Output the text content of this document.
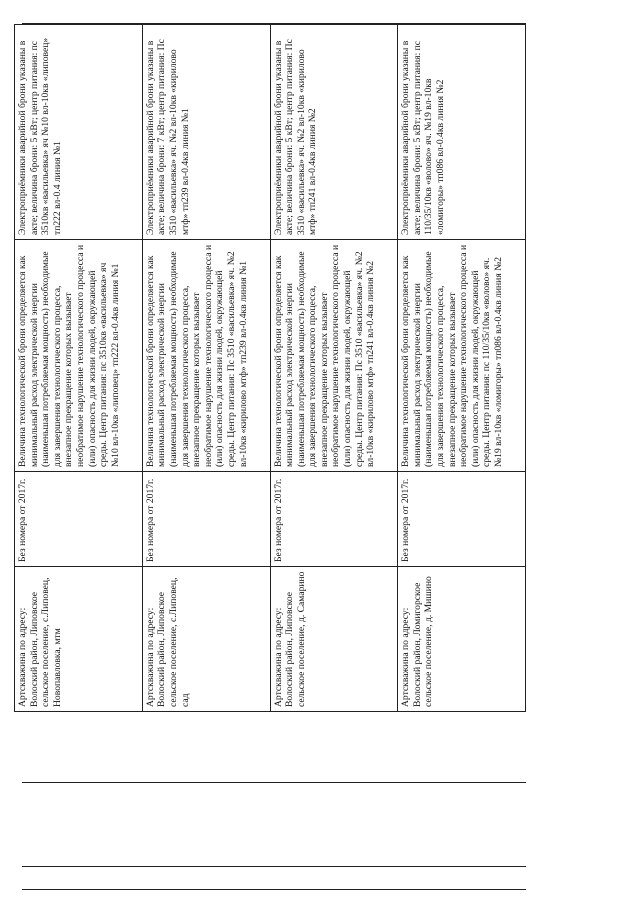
Артскважина по адресу: Волоский район, Липовское сельское поселение, с.Липовец, Новопавловка, мтм	Без номера от 2017г.	Величина технологической брони определяется как минимальный расход электрической энергии (наименьшая потребляемая мощность) необходимые для завершения технологического процесса, внезапное прекращение которых вызывает необратимое нарушение технологического процесса и (или) опасность для жизни людей, окружающей среды. Центр питания: пс 3510кв «васильевка» яч №10 вл-10кв «липовец» тп222 вл-0.4кв линия №1	Электроприёмники аварийной брони указаны в акте; величина брони: 5 кВт; центр питания: пс 3510кв «васильевка» яч №10 вл-10кв «липовец» тп222 вл-0.4 линия №1
Артскважина по адресу: Волоский район, Липовское сельское поселение, с.Липовец, сад	Без номера от 2017г.	Величина технологической брони определяется как минимальный расход электрической энергии (наименьшая потребляемая мощность) необходимые для завершения технологического процесса, внезапное прекращение которых вызывает необратимое нарушение технологического процесса и (или) опасность для жизни людей, окружающей среды. Центр питания: Пс 3510 «васильевка» яч. №2 вл-10кв «кирилово мтф» тп239 вл-0.4кв линия №1	Электроприёмники аварийной брони указаны в акте; величина брони: 7 кВт; центр питания: Пс 3510 «васильевка» яч. №2 вл-10кв «кирилово мтф» тп239 вл-0.4кв линия №1
Артскважина по адресу: Волоский район, Липовское сельское поселение, д. Самарино	Без номера от 2017г.	Величина технологической брони определяется как минимальный расход электрической энергии (наименьшая потребляемая мощность) необходимые для завершения технологического процесса, внезапное прекращение которых вызывает необратимое нарушение технологического процесса и (или) опасность для жизни людей, окружающей среды. Центр питания: Пс 3510 «васильевка» яч. №2 вл-10кв «кирилово мтф» тп241 вл-0.4кв линия №2	Электроприёмники аварийной брони указаны в акте; величина брони: 5 кВт; центр питания: Пс 3510 «васильевка» яч. №2 вл-10кв «кирилово мтф» тп241 вл-0.4кв линия №2
Артскважина по адресу: Волоский район, Ломигорское сельское поселение, д. Мишино	Без номера от 2017г.	Величина технологической брони определяется как минимальный расход электрической энергии (наименьшая потребляемая мощность) необходимые для завершения технологического процесса, внезапное прекращение которых вызывает необратимое нарушение технологического процесса и (или) опасность для жизни людей, окружающей среды. Центр питания: пс 110/35/10кв «волово» яч. №19 вл-10кв «ломигоры» тп086 вл-0.4кв линия №2	Электроприёмники аварийной брони указаны в акте; величина брони: 5 кВт; центр питания: пс 110/35/10кв «волово» яч. №19 вл-10кв «ломигоры» тп086 вл-0.4кв линия №2
